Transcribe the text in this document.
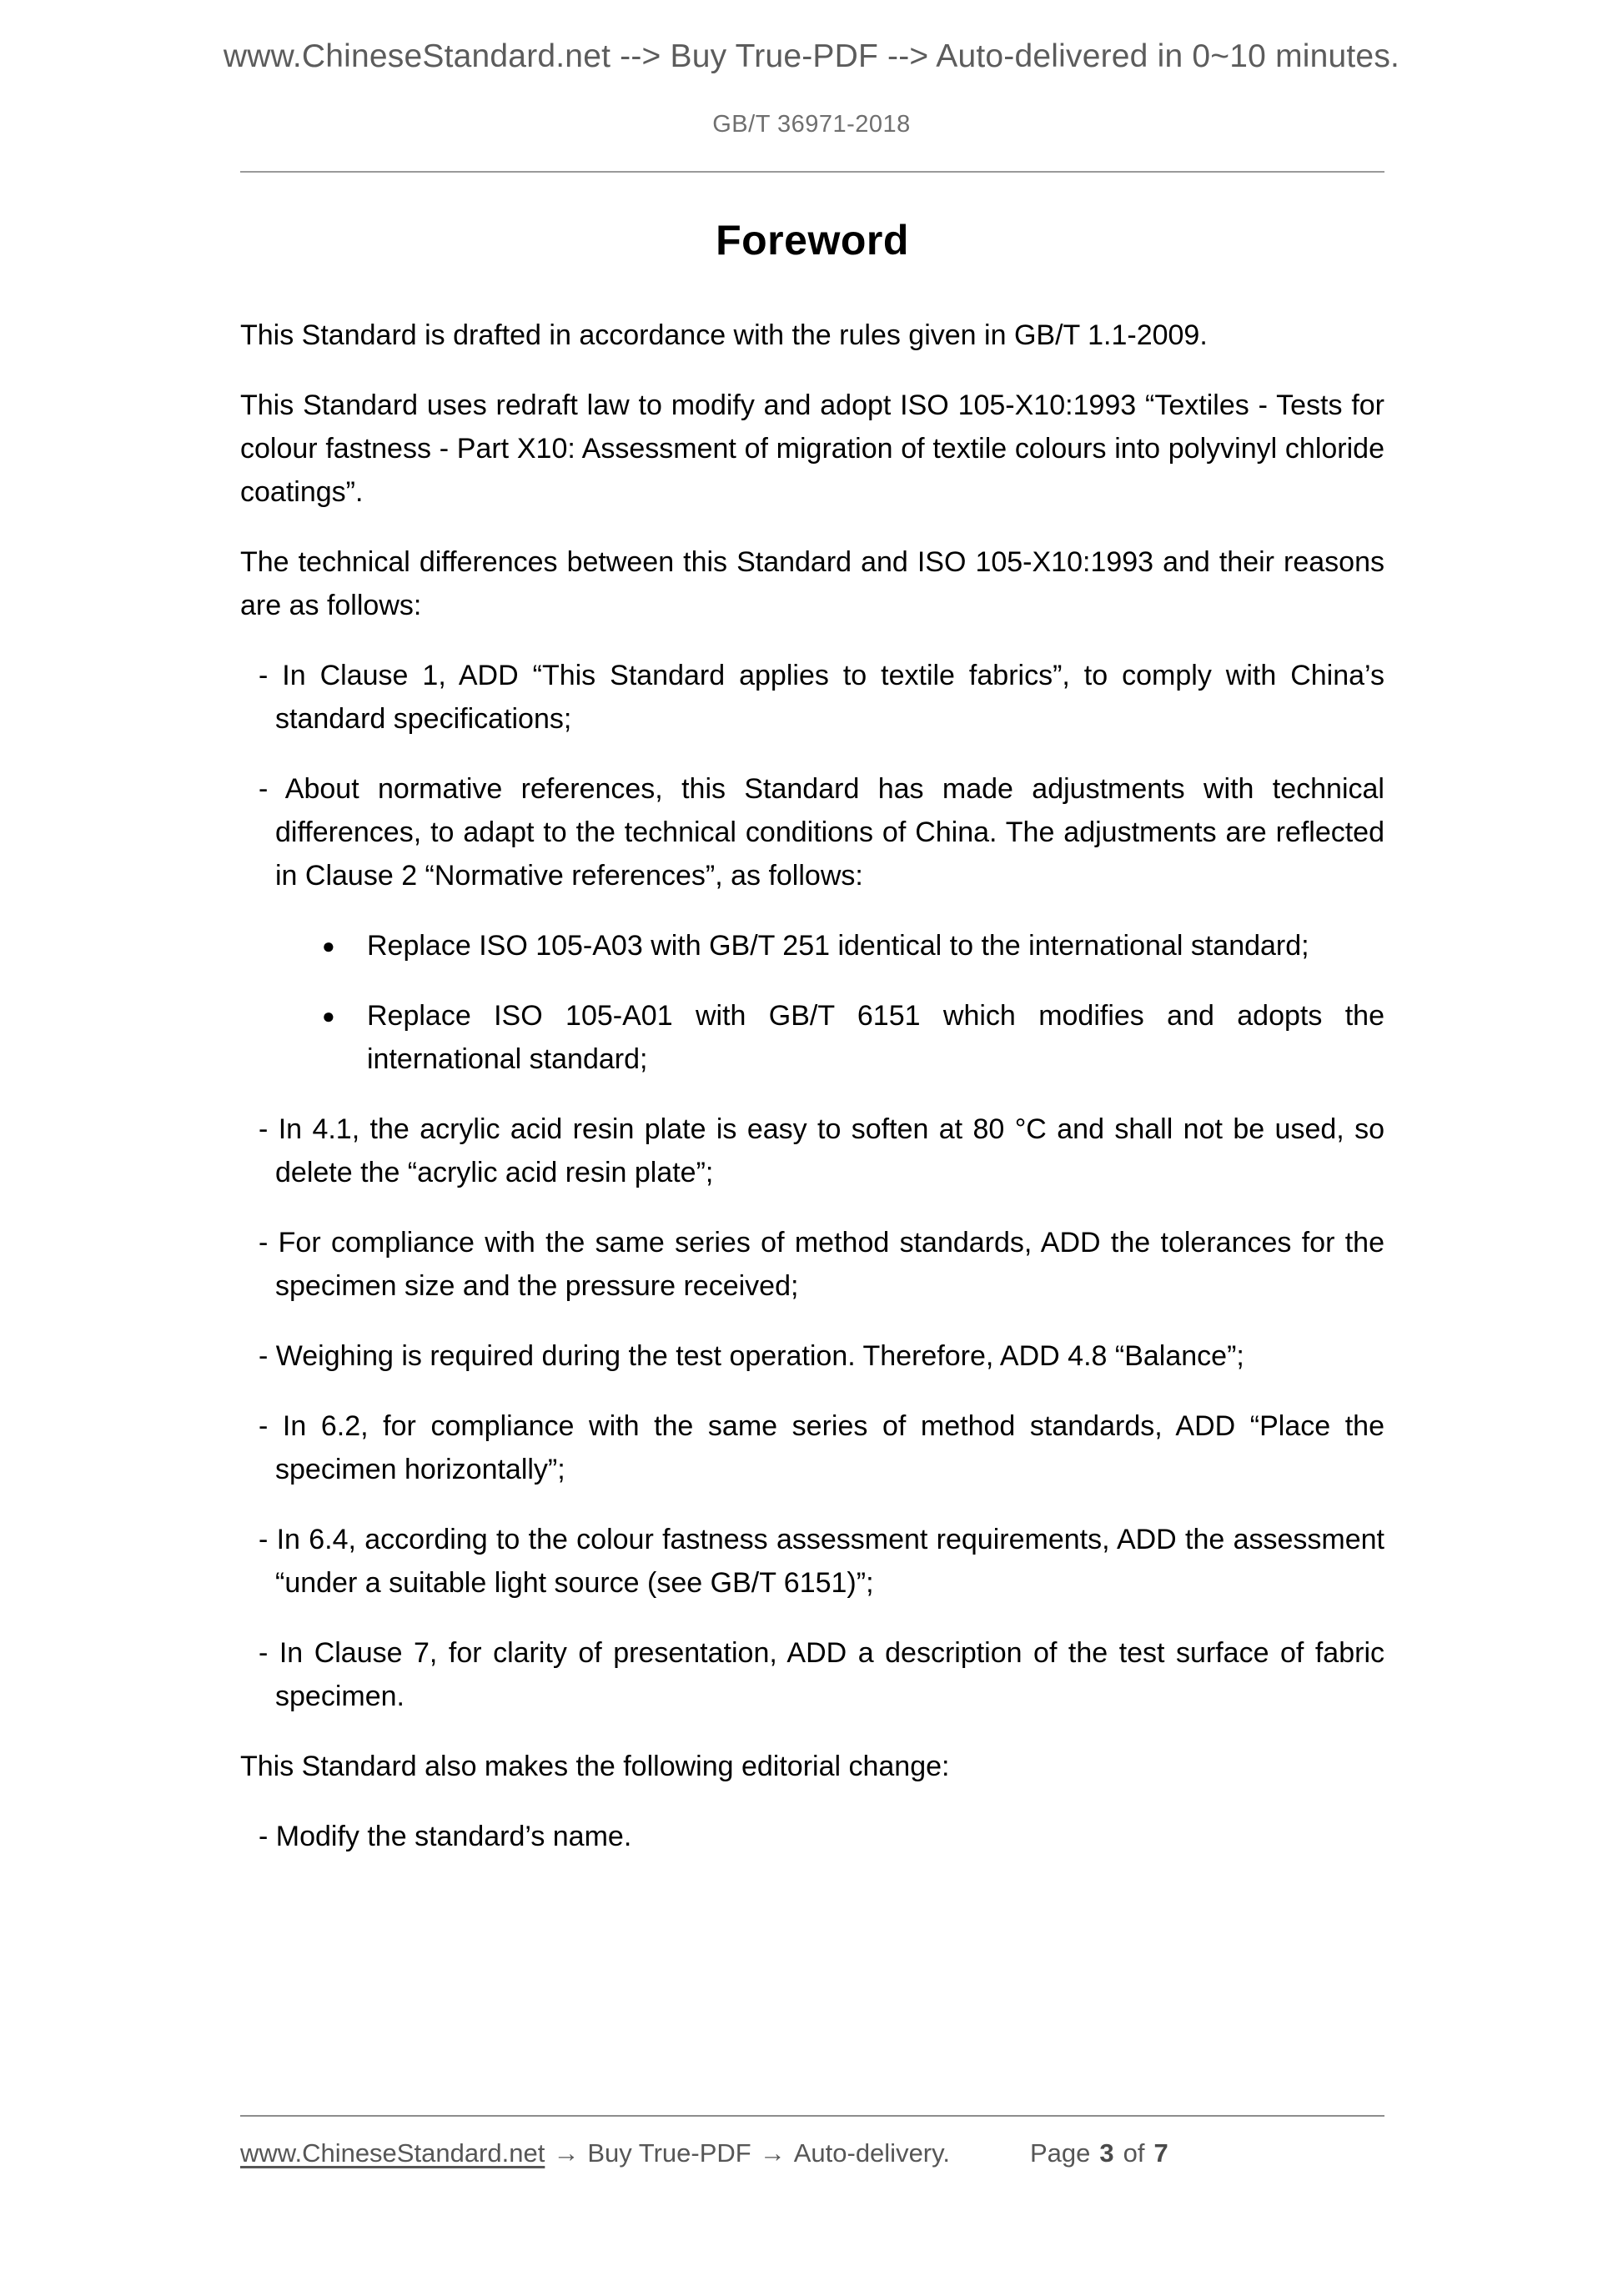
www.ChineseStandard.net --> Buy True-PDF --> Auto-delivered in 0~10 minutes.
GB/T 36971-2018
Foreword

This Standard is drafted in accordance with the rules given in GB/T 1.1-2009.

This Standard uses redraft law to modify and adopt ISO 105-X10:1993 “Textiles - Tests for colour fastness - Part X10: Assessment of migration of textile colours into polyvinyl chloride coatings”.

The technical differences between this Standard and ISO 105-X10:1993 and their reasons are as follows:

- In Clause 1, ADD “This Standard applies to textile fabrics”, to comply with China’s standard specifications;

- About normative references, this Standard has made adjustments with technical differences, to adapt to the technical conditions of China. The adjustments are reflected in Clause 2 “Normative references”, as follows:

● Replace ISO 105-A03 with GB/T 251 identical to the international standard;

● Replace ISO 105-A01 with GB/T 6151 which modifies and adopts the international standard;

- In 4.1, the acrylic acid resin plate is easy to soften at 80 °C and shall not be used, so delete the “acrylic acid resin plate”;

- For compliance with the same series of method standards, ADD the tolerances for the specimen size and the pressure received;

- Weighing is required during the test operation. Therefore, ADD 4.8 “Balance”;

- In 6.2, for compliance with the same series of method standards, ADD “Place the specimen horizontally”;

- In 6.4, according to the colour fastness assessment requirements, ADD the assessment “under a suitable light source (see GB/T 6151)”;

- In Clause 7, for clarity of presentation, ADD a description of the test surface of fabric specimen.

This Standard also makes the following editorial change:

- Modify the standard’s name.

www.ChineseStandard.net → Buy True-PDF → Auto-delivery.	Page 3 of 7
